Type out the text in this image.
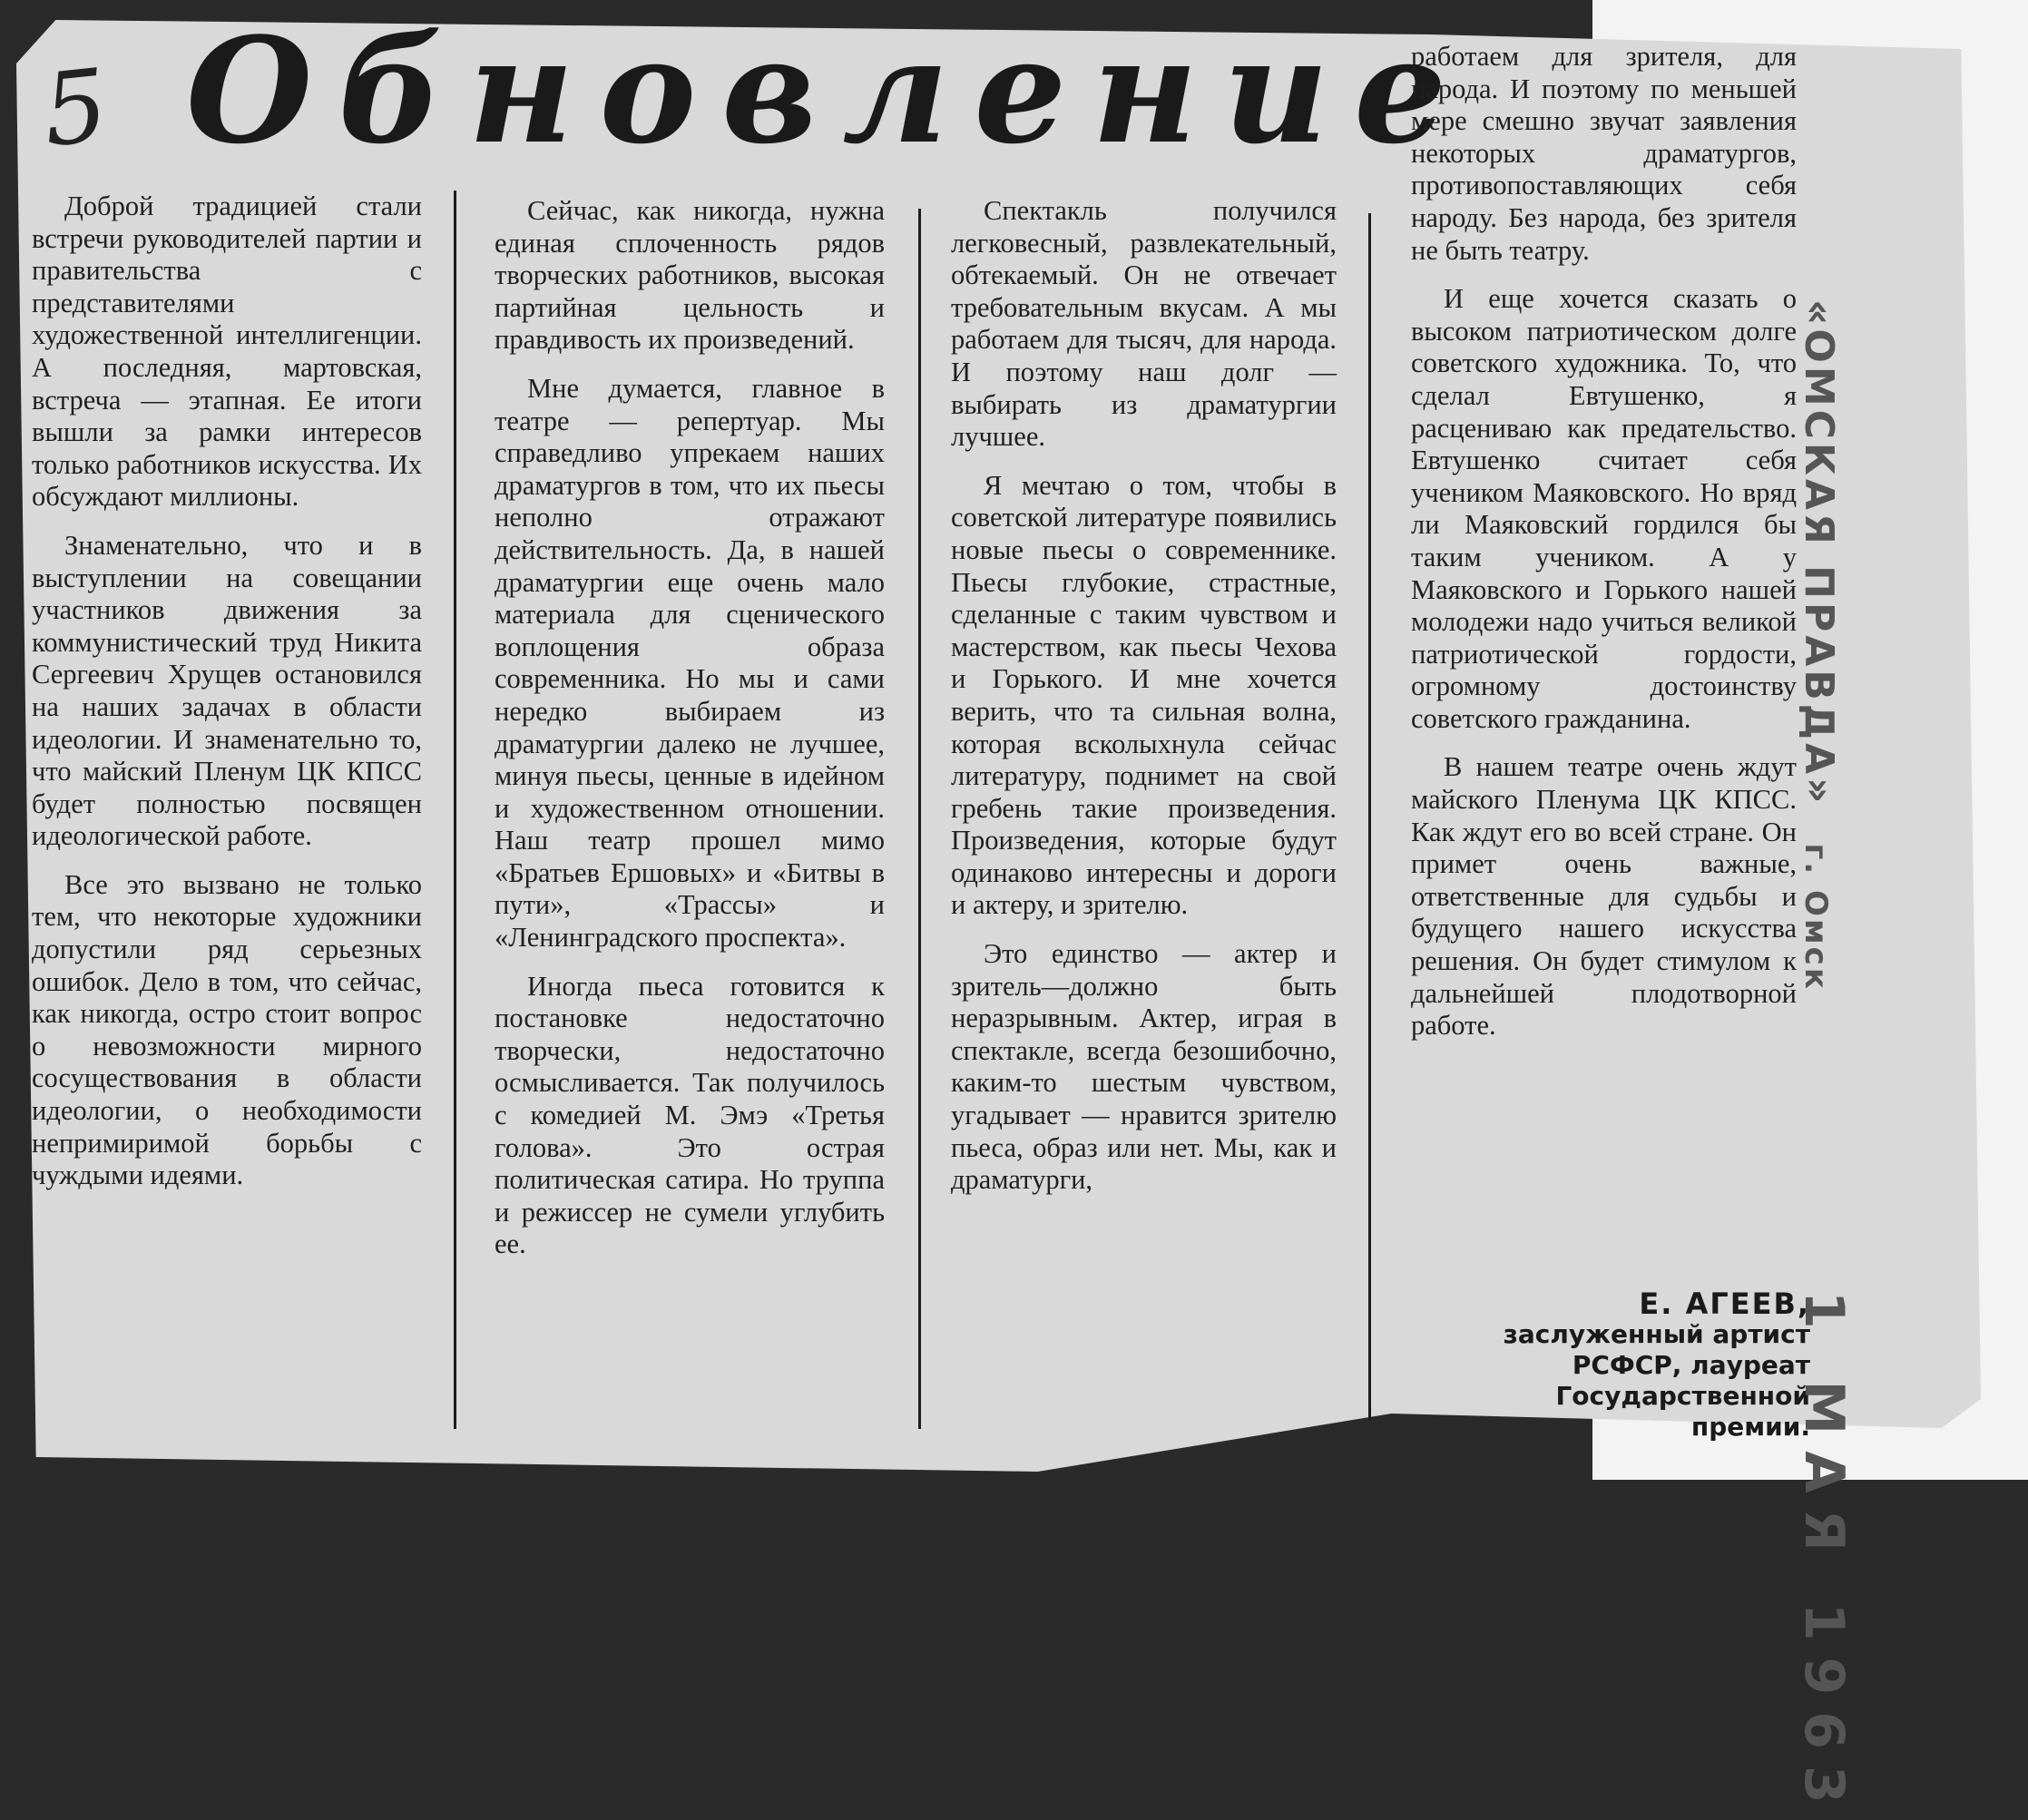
5 Обновление

Доброй традицией стали встречи руководителей партии и правительства с представителями художественной интеллигенции. А последняя, мартовская, встреча — этапная. Ее итоги вышли за рамки интересов только работников искусства. Их обсуждают миллионы.

Знаменательно, что и в выступлении на совещании участников движения за коммунистический труд Никита Сергеевич Хрущев остановился на наших задачах в области идеологии. И знаменательно то, что майский Пленум ЦК КПСС будет полностью посвящен идеологической работе.

Все это вызвано не только тем, что некоторые художники допустили ряд серьезных ошибок. Дело в том, что сейчас, как никогда, остро стоит вопрос о невозможности мирного сосуществования в области идеологии, о необходимости непримиримой борьбы с чуждыми идеями.

Сейчас, как никогда, нужна единая сплоченность рядов творческих работников, высокая партийная цельность и правдивость их произведений.

Мне думается, главное в театре — репертуар. Мы справедливо упрекаем наших драматургов в том, что их пьесы неполно отражают действительность. Да, в нашей драматургии еще очень мало материала для сценического воплощения образа современника. Но мы и сами нередко выбираем из драматургии далеко не лучшее, минуя пьесы, ценные в идейном и художественном отношении. Наш театр прошел мимо «Братьев Ершовых» и «Битвы в пути», «Трассы» и «Ленинградского проспекта».

Иногда пьеса готовится к постановке недостаточно творчески, недостаточно осмысливается. Так получилось с комедией М. Эмэ «Третья голова». Это острая политическая сатира. Но труппа и режиссер не сумели углубить ее.

Спектакль получился легковесный, развлекательный, обтекаемый. Он не отвечает требовательным вкусам. А мы работаем для тысяч, для народа. И поэтому наш долг — выбирать из драматургии лучшее.

Я мечтаю о том, чтобы в советской литературе появились новые пьесы о современнике. Пьесы глубокие, страстные, сделанные с таким чувством и мастерством, как пьесы Чехова и Горького. И мне хочется верить, что та сильная волна, которая всколыхнула сейчас литературу, поднимет на свой гребень такие произведения. Произведения, которые будут одинаково интересны и дороги и актеру, и зрителю.

Это единство — актер и зритель—должно быть неразрывным. Актер, играя в спектакле, всегда безошибочно, каким-то шестым чувством, угадывает — нравится зрителю пьеса, образ или нет. Мы, как и драматурги,

работаем для зрителя, для народа. И поэтому по меньшей мере смешно звучат заявления некоторых драматургов, противопоставляющих себя народу. Без народа, без зрителя не быть театру.

И еще хочется сказать о высоком патриотическом долге советского художника. То, что сделал Евтушенко, я расцениваю как предательство. Евтушенко считает себя учеником Маяковского. Но вряд ли Маяковский гордился бы таким учеником. А у Маяковского и Горького нашей молодежи надо учиться великой патриотической гордости, огромному достоинству советского гражданина.

В нашем театре очень ждут майского Пленума ЦК КПСС. Как ждут его во всей стране. Он примет очень важные, ответственные для судьбы и будущего нашего искусства решения. Он будет стимулом к дальнейшей плодотворной работе.

Е. АГЕЕВ,
заслуженный артист РСФСР, лауреат Государственной премии.
«ОМСКАЯ ПРАВДА»г. Омск1 МАЯ 1963
